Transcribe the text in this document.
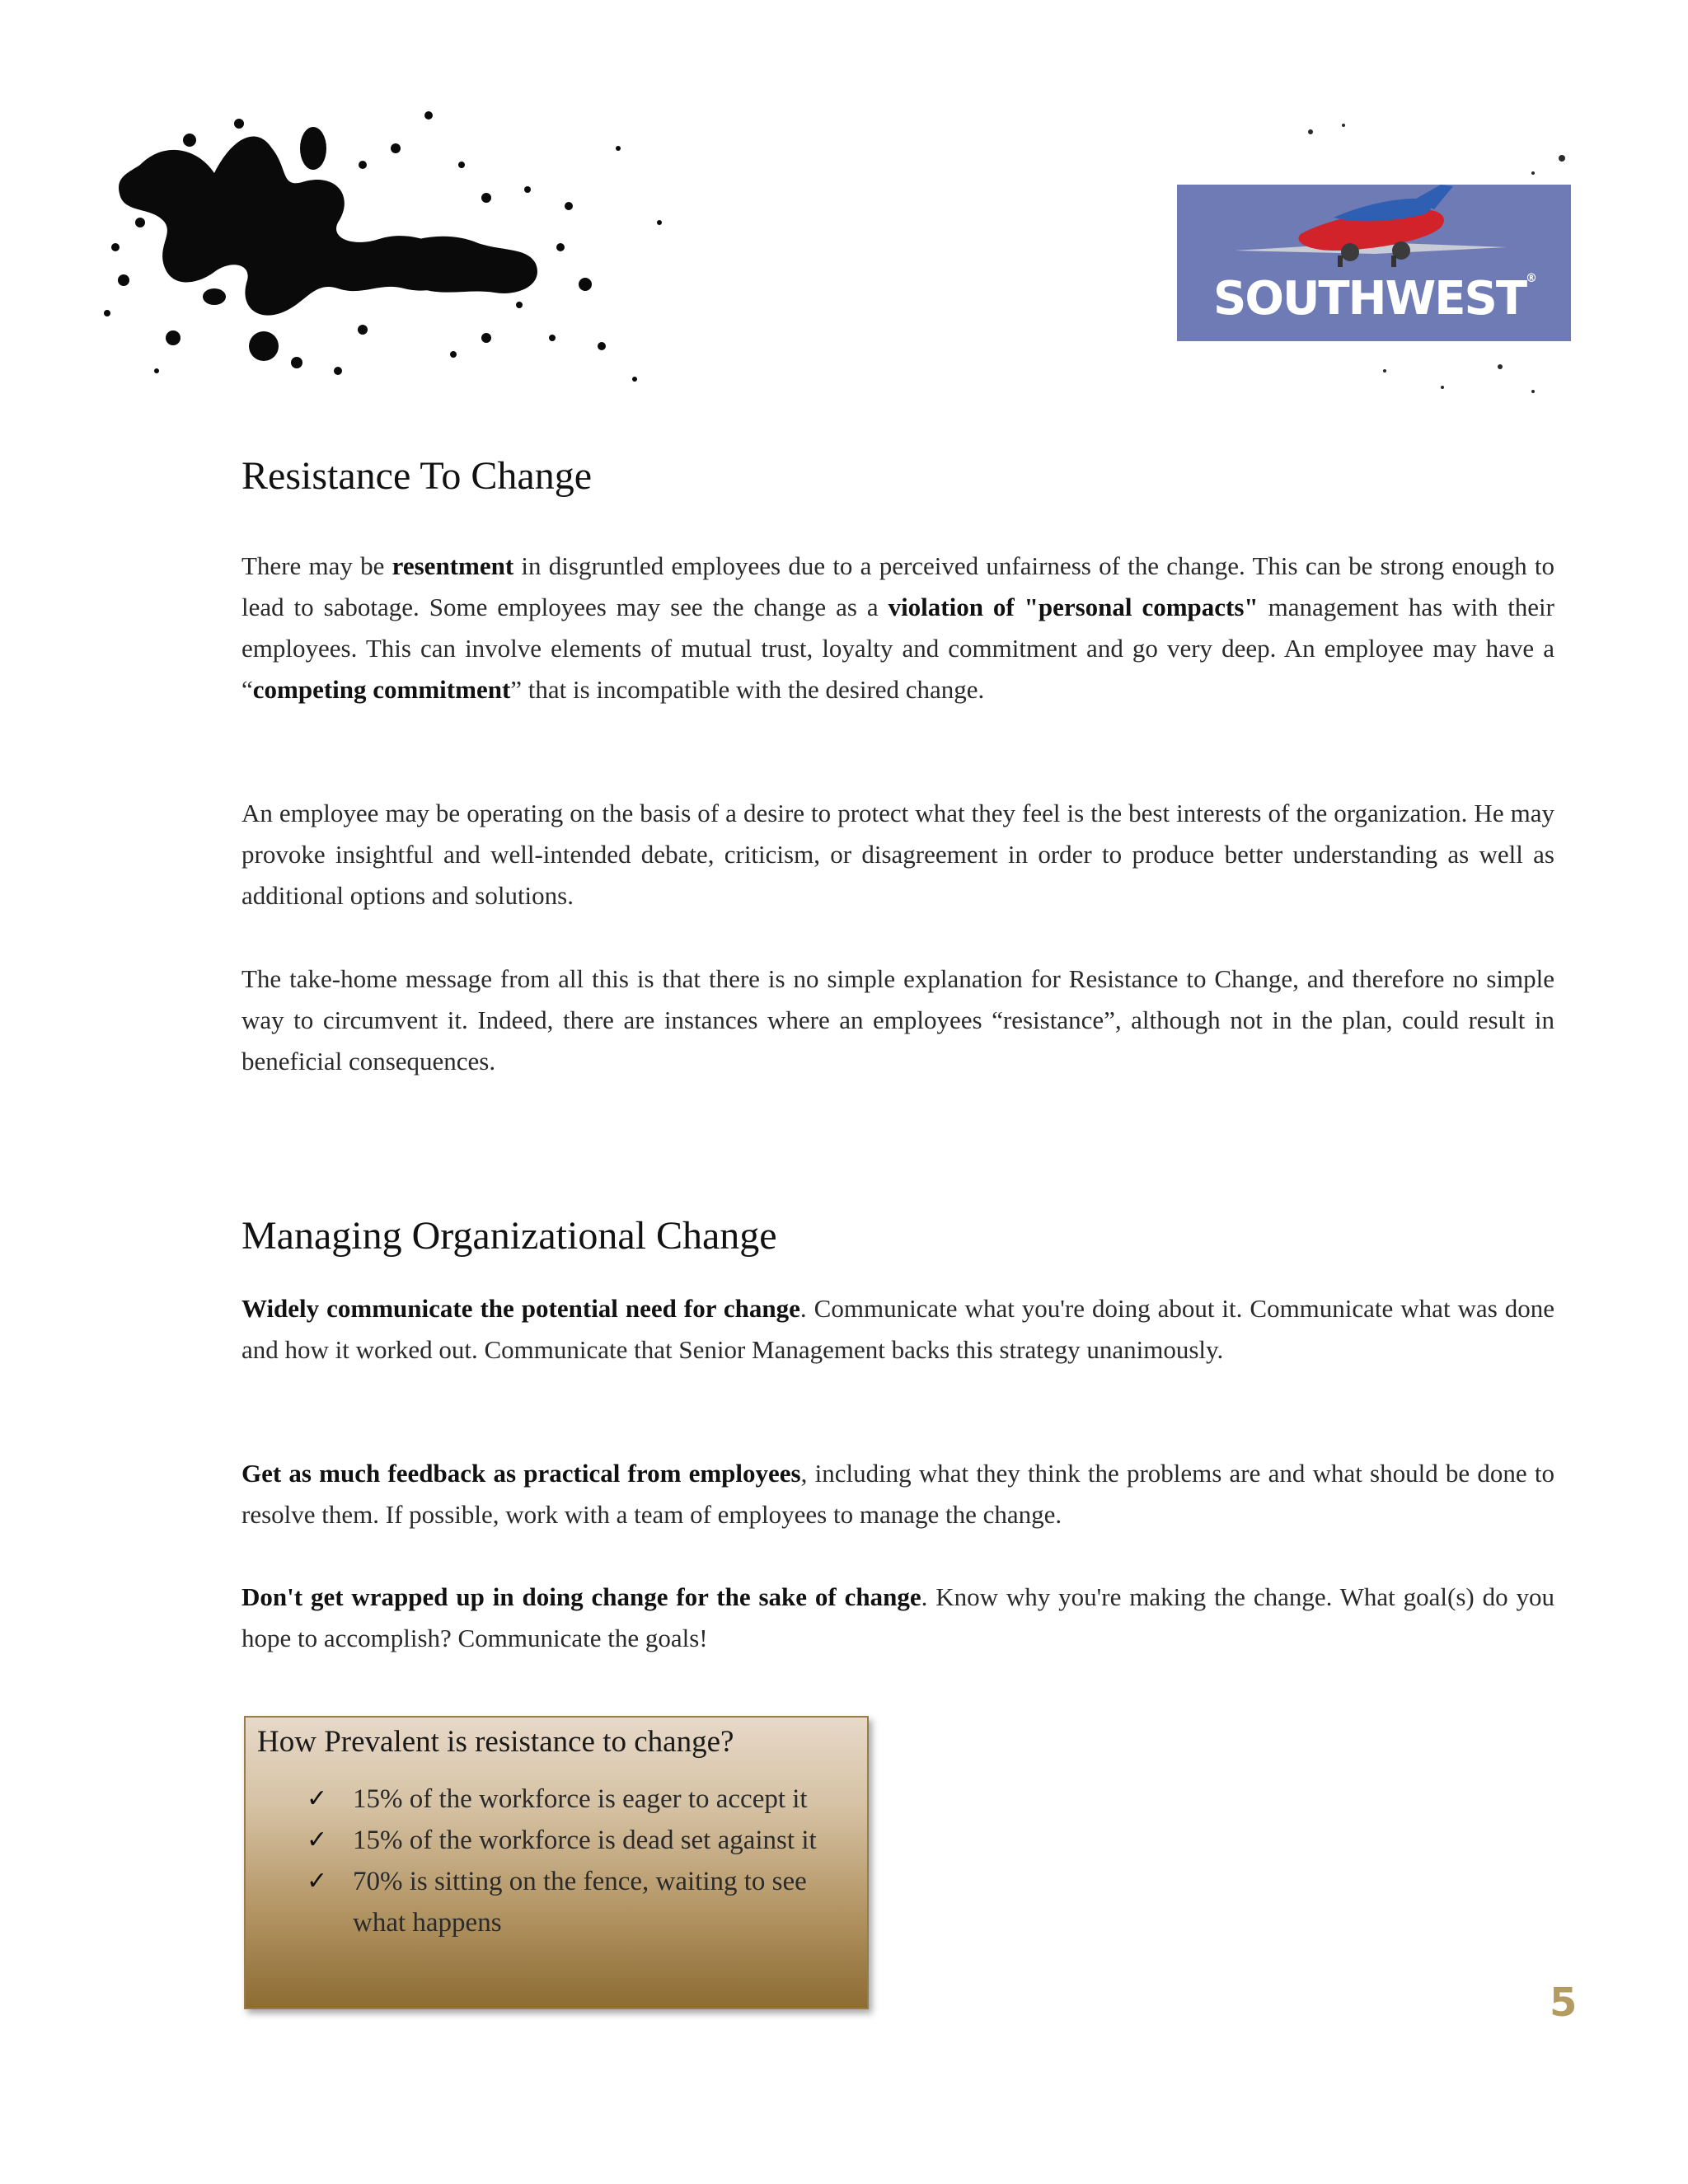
SOUTHWEST®
Resistance To Change

There may be resentment in disgruntled employees due to a perceived unfairness of the change. This can be strong enough to lead to sabotage. Some employees may see the change as a violation of "personal compacts" management has with their employees. This can involve elements of mutual trust, loyalty and commitment and go very deep. An employee may have a “competing commitment” that is incompatible with the desired change.

An employee may be operating on the basis of a desire to protect what they feel is the best interests of the organization. He may provoke insightful and well-intended debate, criticism, or disagreement in order to produce better understanding as well as additional options and solutions.

The take-home message from all this is that there is no simple explanation for Resistance to Change, and therefore no simple way to circumvent it. Indeed, there are instances where an employees “resistance”, although not in the plan, could result in beneficial consequences.

Managing Organizational Change

Widely communicate the potential need for change. Communicate what you're doing about it. Communicate what was done and how it worked out. Communicate that Senior Management backs this strategy unanimously.

Get as much feedback as practical from employees, including what they think the problems are and what should be done to resolve them. If possible, work with a team of employees to manage the change.

Don't get wrapped up in doing change for the sake of change. Know why you're making the change. What goal(s) do you hope to accomplish? Communicate the goals!

How Prevalent is resistance to change?

✓ 15% of the workforce is eager to accept it
✓ 15% of the workforce is dead set against it
✓ 70% is sitting on the fence, waiting to see what happens
5
